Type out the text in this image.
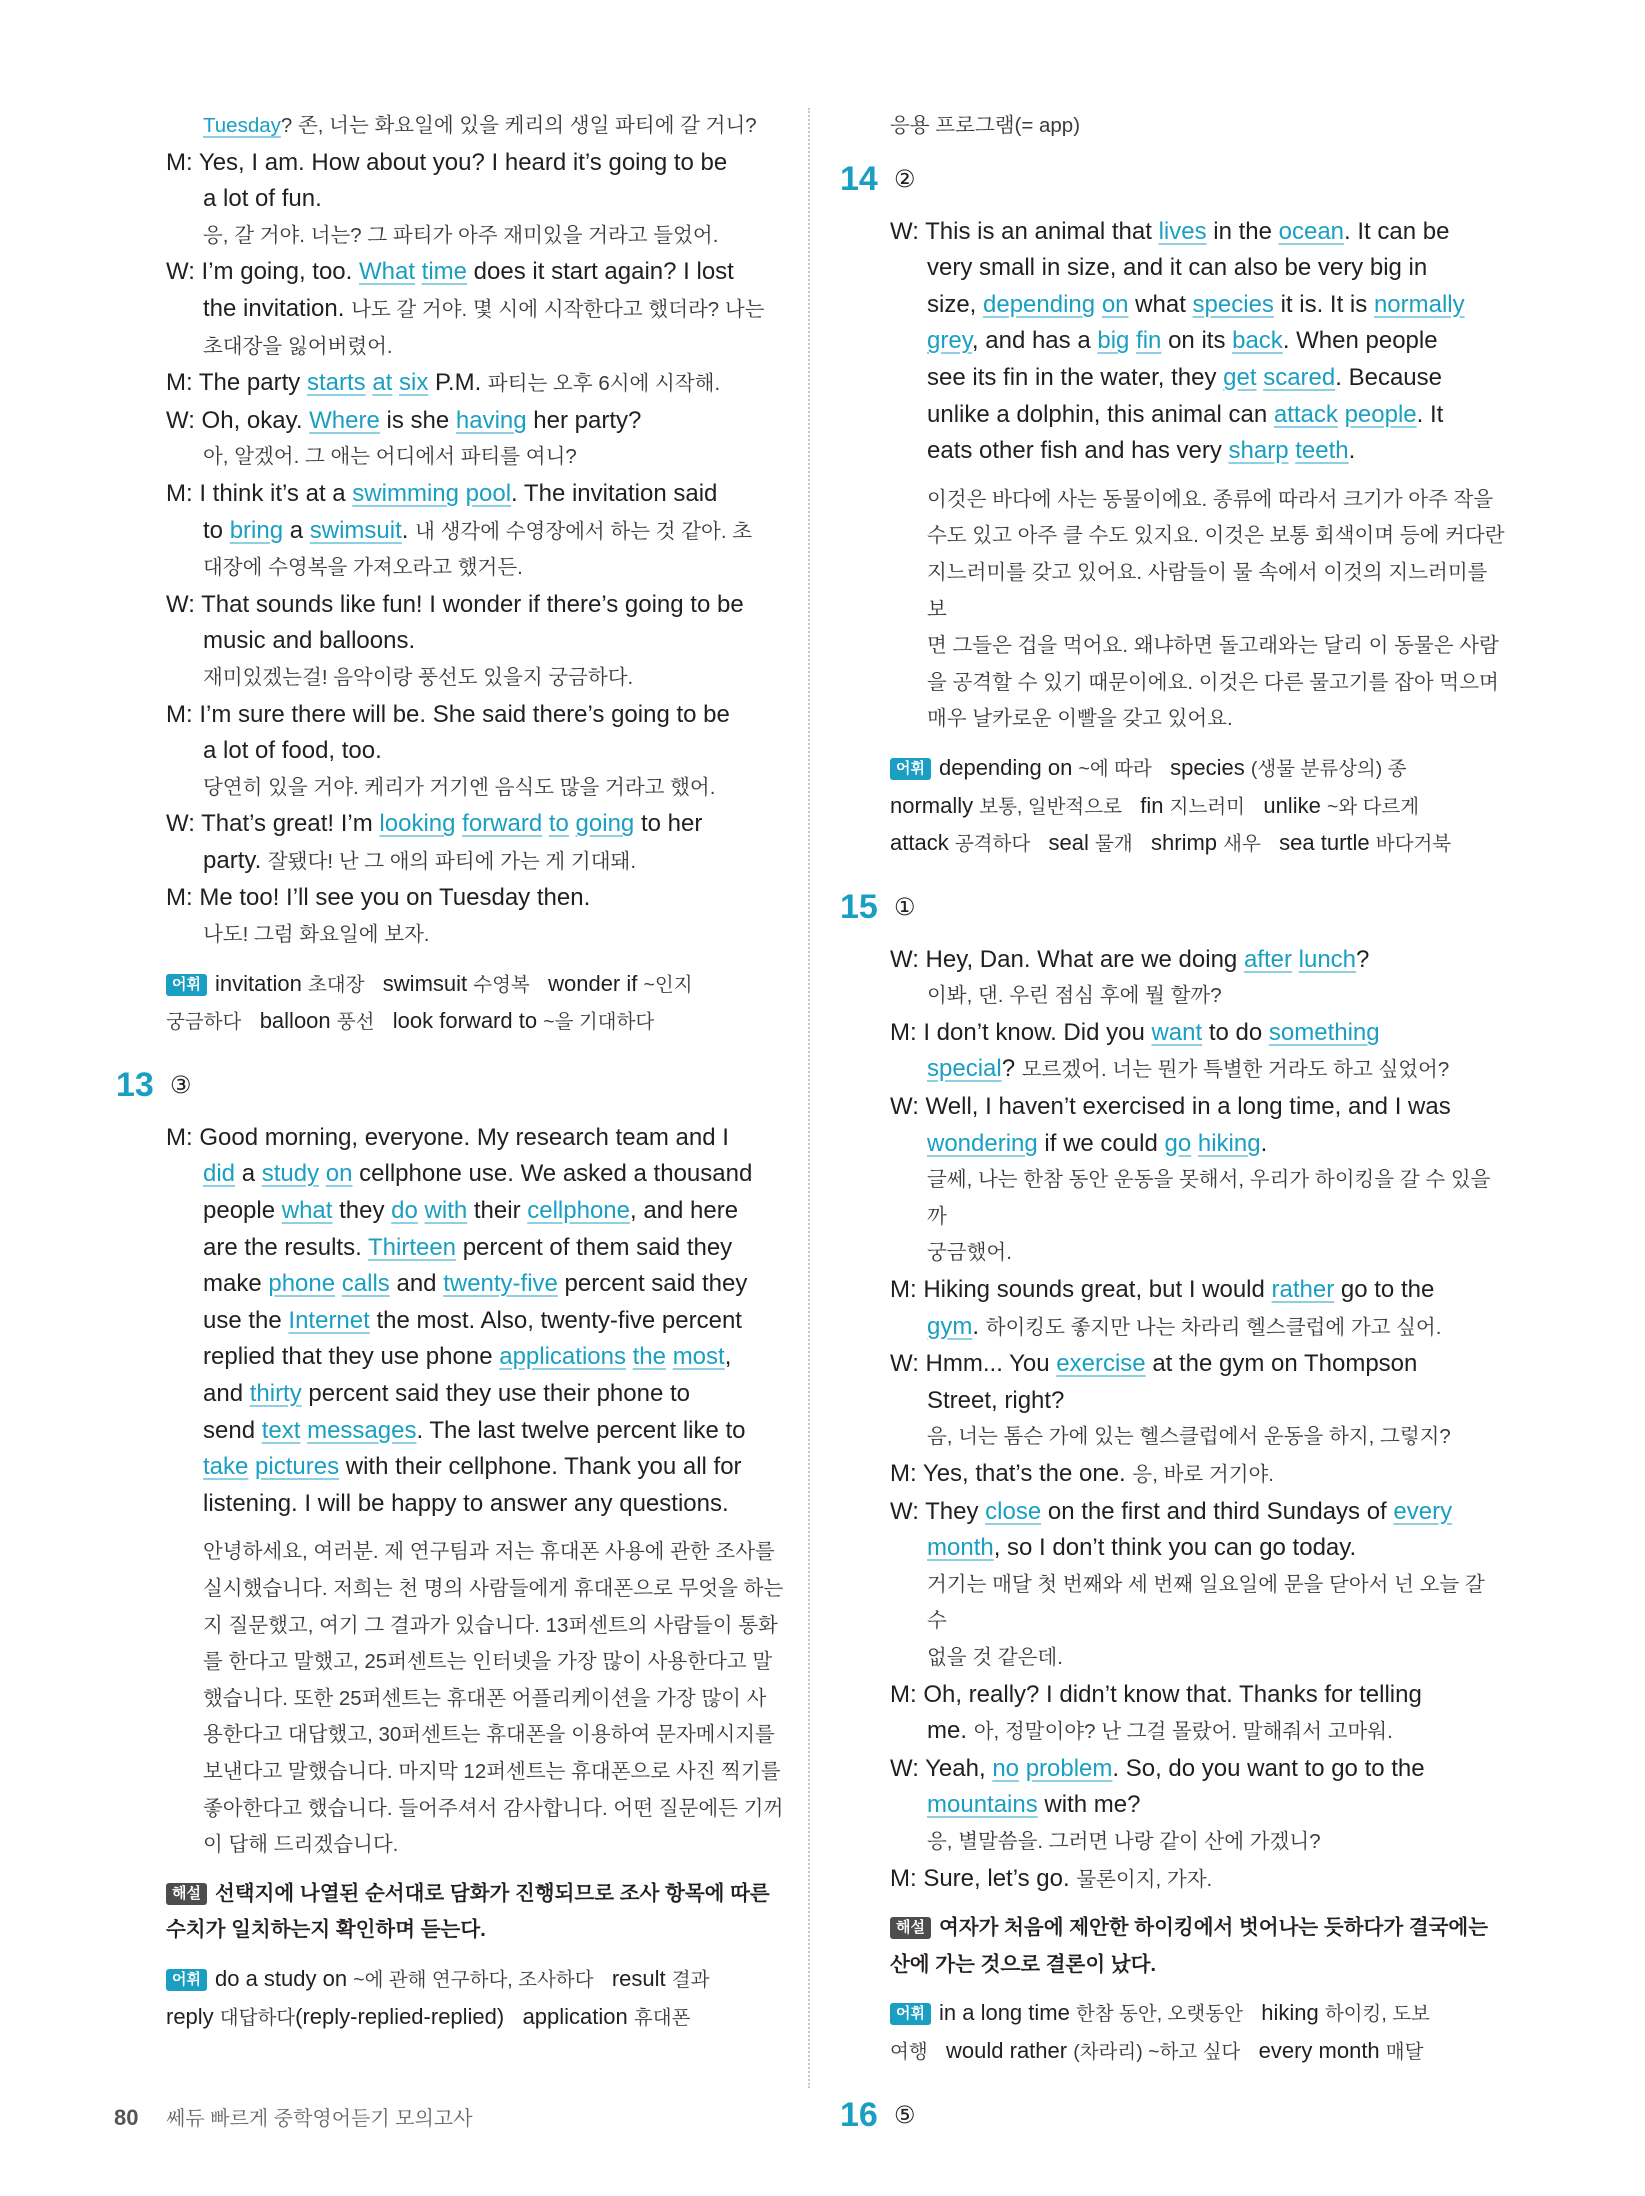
Tuesday? 존, 너는 화요일에 있을 케리의 생일 파티에 갈 거니?
M: Yes, I am. How about you? I heard it’s going to be
a lot of fun.
응, 갈 거야. 너는? 그 파티가 아주 재미있을 거라고 들었어.
W: I’m going, too. What time does it start again? I lost
the invitation. 나도 갈 거야. 몇 시에 시작한다고 했더라? 나는
초대장을 잃어버렸어.
M: The party starts at six P.M. 파티는 오후 6시에 시작해.
W: Oh, okay. Where is she having her party?
아, 알겠어. 그 애는 어디에서 파티를 여니?
M: I think it’s at a swimming pool. The invitation said
to bring a swimsuit. 내 생각에 수영장에서 하는 것 같아. 초
대장에 수영복을 가져오라고 했거든.
W: That sounds like fun! I wonder if there’s going to be
music and balloons.
재미있겠는걸! 음악이랑 풍선도 있을지 궁금하다.
M: I’m sure there will be. She said there’s going to be
a lot of food, too.
당연히 있을 거야. 케리가 거기엔 음식도 많을 거라고 했어.
W: That’s great! I’m looking forward to going to her
party. 잘됐다! 난 그 애의 파티에 가는 게 기대돼.
M: Me too! I’ll see you on Tuesday then.
나도! 그럼 화요일에 보자.
어휘 invitation 초대장   swimsuit 수영복   wonder if ~인지
궁금하다   balloon 풍선   look forward to ~을 기대하다
13 ③
M: Good morning, everyone. My research team and I
did a study on cellphone use. We asked a thousand
people what they do with their cellphone, and here
are the results. Thirteen percent of them said they
make phone calls and twenty-five percent said they
use the Internet the most. Also, twenty-five percent
replied that they use phone applications the most,
and thirty percent said they use their phone to
send text messages. The last twelve percent like to
take pictures with their cellphone. Thank you all for
listening. I will be happy to answer any questions.
안녕하세요, 여러분. 제 연구팀과 저는 휴대폰 사용에 관한 조사를
실시했습니다. 저희는 천 명의 사람들에게 휴대폰으로 무엇을 하는
지 질문했고, 여기 그 결과가 있습니다. 13퍼센트의 사람들이 통화
를 한다고 말했고, 25퍼센트는 인터넷을 가장 많이 사용한다고 말
했습니다. 또한 25퍼센트는 휴대폰 어플리케이션을 가장 많이 사
용한다고 대답했고, 30퍼센트는 휴대폰을 이용하여 문자메시지를
보낸다고 말했습니다. 마지막 12퍼센트는 휴대폰으로 사진 찍기를
좋아한다고 했습니다. 들어주셔서 감사합니다. 어떤 질문에든 기꺼
이 답해 드리겠습니다.
해설 선택지에 나열된 순서대로 담화가 진행되므로 조사 항목에 따른
수치가 일치하는지 확인하며 듣는다.
어휘 do a study on ~에 관해 연구하다, 조사하다   result 결과
reply 대답하다(reply-replied-replied)   application 휴대폰
응용 프로그램(= app)
14 ②
W: This is an animal that lives in the ocean. It can be
very small in size, and it can also be very big in
size, depending on what species it is. It is normally
grey, and has a big fin on its back. When people
see its fin in the water, they get scared. Because
unlike a dolphin, this animal can attack people. It
eats other fish and has very sharp teeth.
이것은 바다에 사는 동물이에요. 종류에 따라서 크기가 아주 작을
수도 있고 아주 클 수도 있지요. 이것은 보통 회색이며 등에 커다란
지느러미를 갖고 있어요. 사람들이 물 속에서 이것의 지느러미를 보
면 그들은 겁을 먹어요. 왜냐하면 돌고래와는 달리 이 동물은 사람
을 공격할 수 있기 때문이에요. 이것은 다른 물고기를 잡아 먹으며
매우 날카로운 이빨을 갖고 있어요.
어휘 depending on ~에 따라   species (생물 분류상의) 종
normally 보통, 일반적으로   fin 지느러미   unlike ~와 다르게
attack 공격하다   seal 물개   shrimp 새우   sea turtle 바다거북
15 ①
W: Hey, Dan. What are we doing after lunch?
이봐, 댄. 우린 점심 후에 뭘 할까?
M: I don’t know. Did you want to do something
special? 모르겠어. 너는 뭔가 특별한 거라도 하고 싶었어?
W: Well, I haven’t exercised in a long time, and I was
wondering if we could go hiking.
글쎄, 나는 한참 동안 운동을 못해서, 우리가 하이킹을 갈 수 있을까
궁금했어.
M: Hiking sounds great, but I would rather go to the
gym. 하이킹도 좋지만 나는 차라리 헬스클럽에 가고 싶어.
W: Hmm... You exercise at the gym on Thompson
Street, right?
음, 너는 톰슨 가에 있는 헬스클럽에서 운동을 하지, 그렇지?
M: Yes, that’s the one. 응, 바로 거기야.
W: They close on the first and third Sundays of every
month, so I don’t think you can go today.
거기는 매달 첫 번째와 세 번째 일요일에 문을 닫아서 넌 오늘 갈 수
없을 것 같은데.
M: Oh, really? I didn’t know that. Thanks for telling
me. 아, 정말이야? 난 그걸 몰랐어. 말해줘서 고마워.
W: Yeah, no problem. So, do you want to go to the
mountains with me?
응, 별말씀을. 그러면 나랑 같이 산에 가겠니?
M: Sure, let’s go. 물론이지, 가자.
해설 여자가 처음에 제안한 하이킹에서 벗어나는 듯하다가 결국에는
산에 가는 것으로 결론이 났다.
어휘 in a long time 한참 동안, 오랫동안   hiking 하이킹, 도보
여행   would rather (차라리) ~하고 싶다   every month 매달
16 ⑤
80 쎄듀 빠르게 중학영어듣기 모의고사
